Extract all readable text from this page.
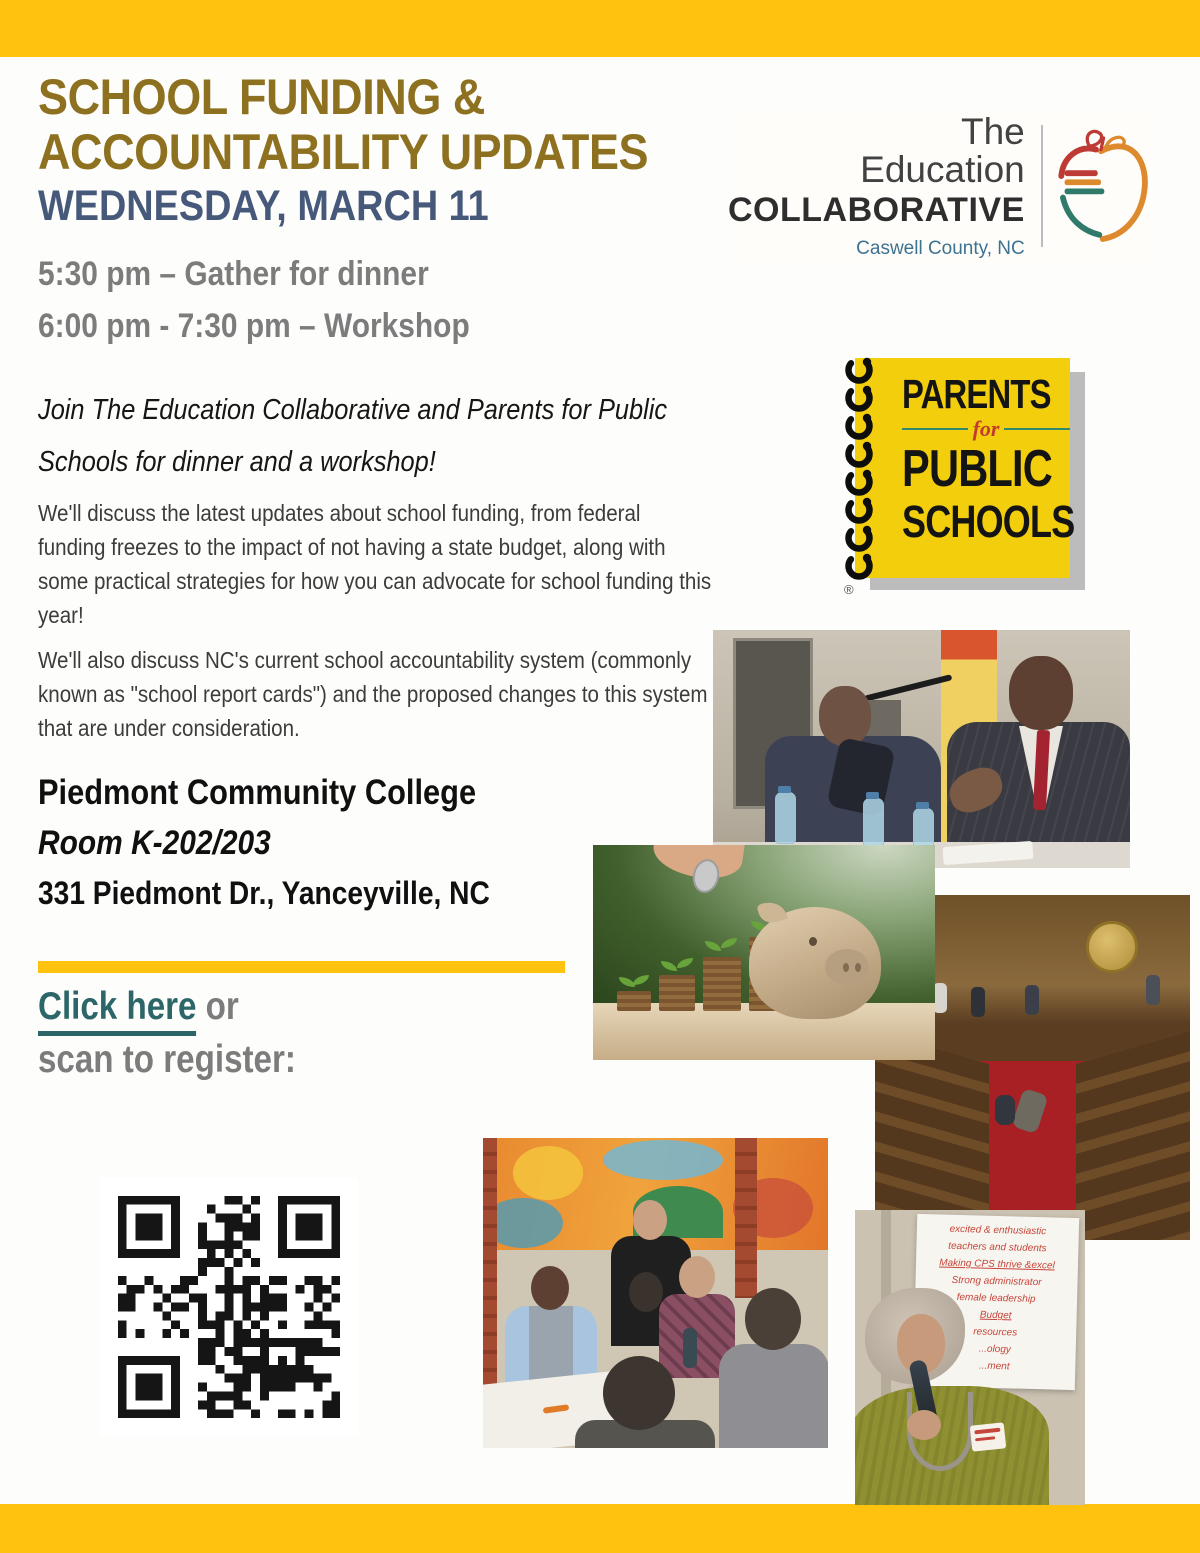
SCHOOL FUNDING &
ACCOUNTABILITY UPDATES
WEDNESDAY, MARCH 11
5:30 pm – Gather for dinner
6:00 pm - 7:30 pm – Workshop
The
Education
COLLABORATIVE
Caswell County, NC
Join The Education Collaborative and Parents for Public Schools for dinner and a workshop!
We'll discuss the latest updates about school funding, from federal funding freezes to the impact of not having a state budget, along with some practical strategies for how you can advocate for school funding this year!
We'll also discuss NC's current school accountability system (commonly known as "school report cards") and the proposed changes to this system that are under consideration.
Piedmont Community College
Room K-202/203
331 Piedmont Dr., Yanceyville, NC
Click here or
scan to register:
PARENTS
for
PUBLIC
SCHOOLS
®
excited & enthusiastic
teachers and students
Making CPS thrive &excel
Strong administrator
female leadership
Budget
resources
...ology
...ment
